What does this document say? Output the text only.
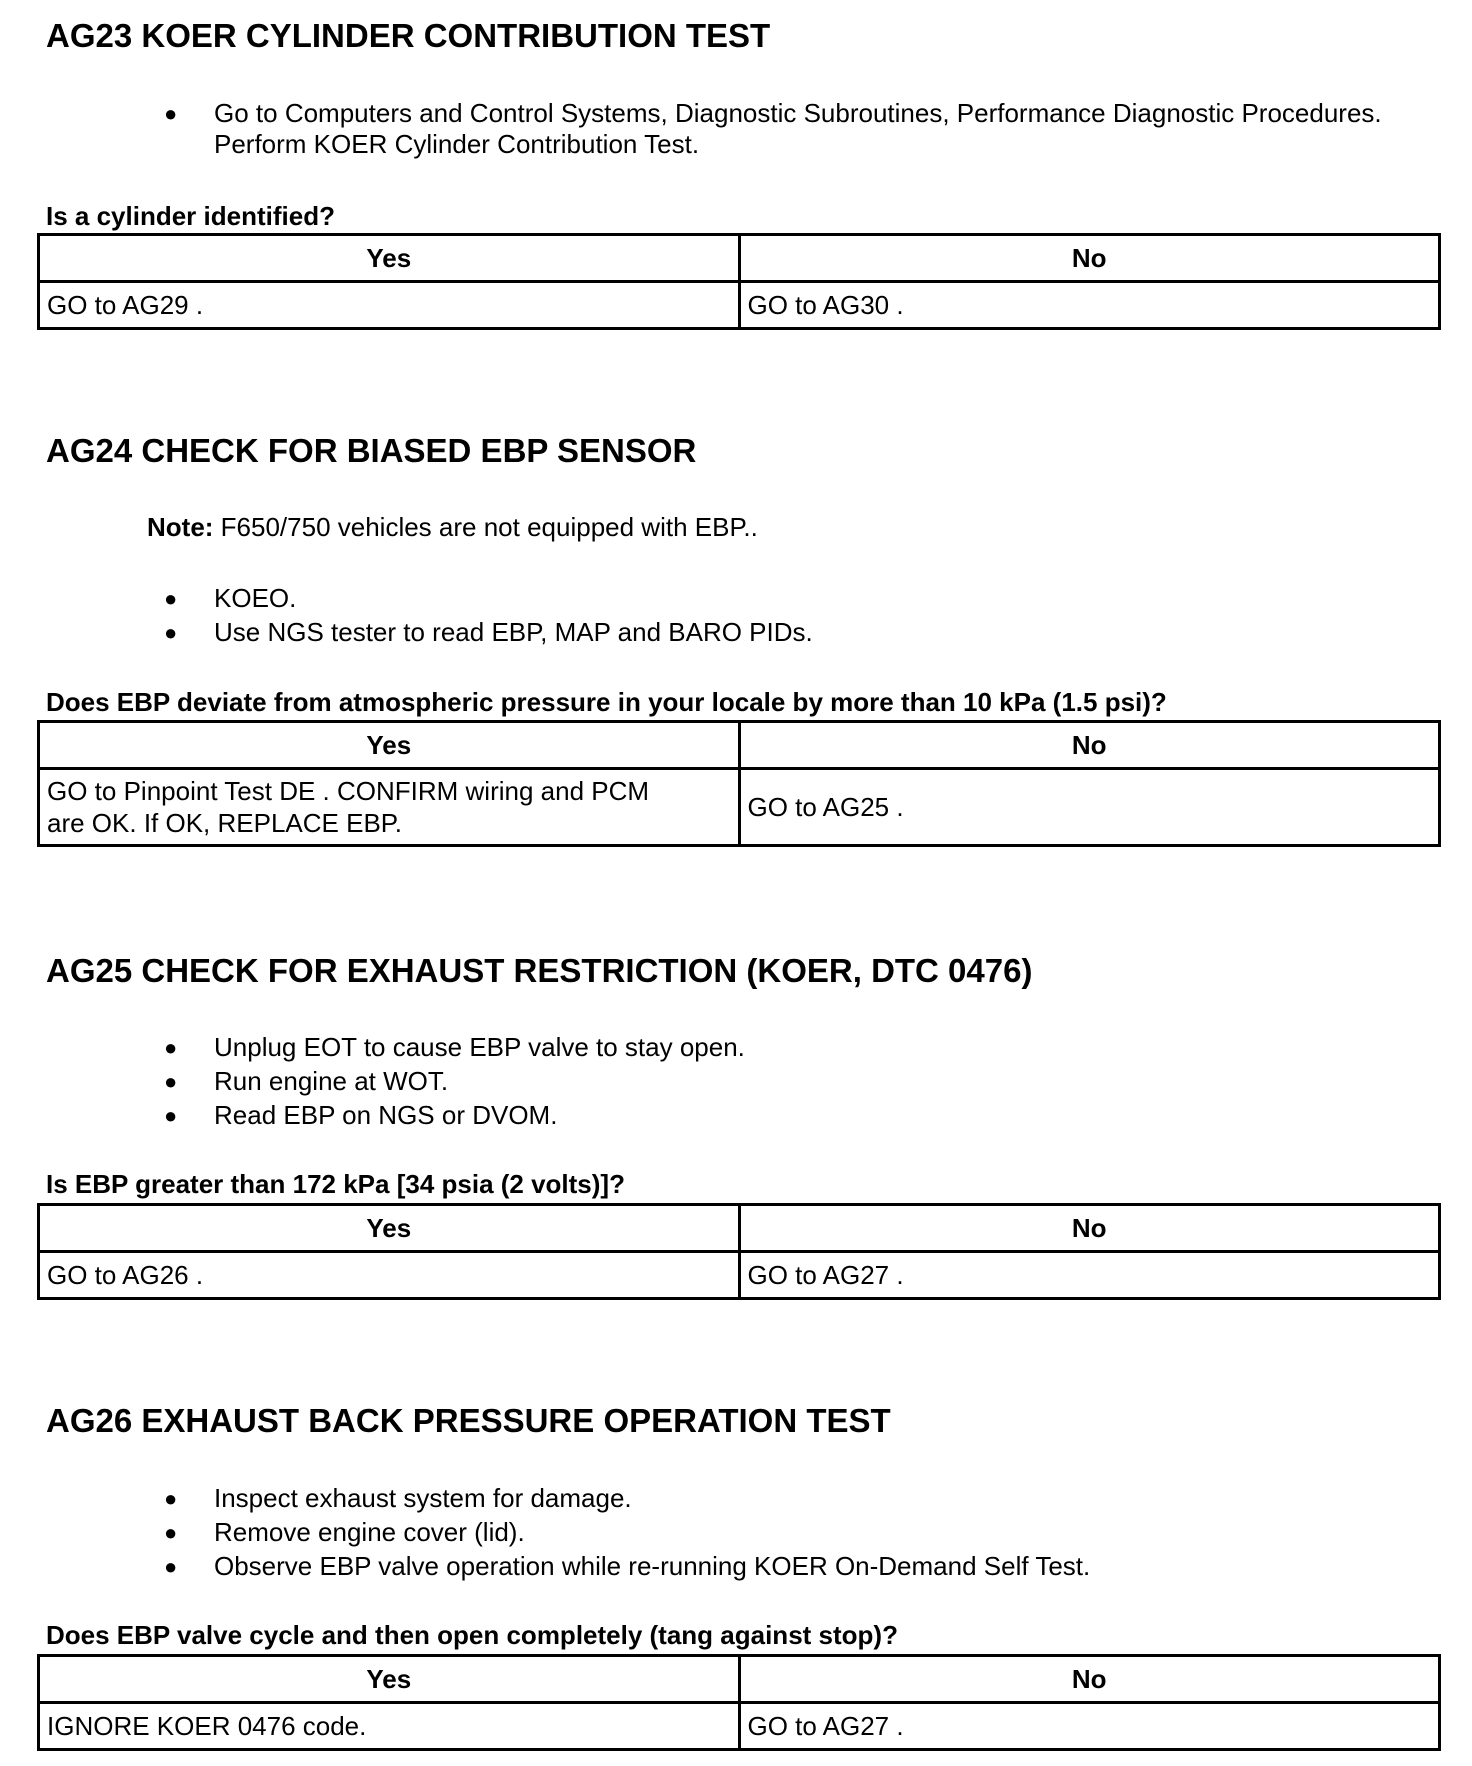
AG23 KOER CYLINDER CONTRIBUTION TEST
● Go to Computers and Control Systems, Diagnostic Subroutines, Performance Diagnostic Procedures.
Perform KOER Cylinder Contribution Test.
Is a cylinder identified?
Yes	No
GO to AG29 .	GO to AG30 .
AG24 CHECK FOR BIASED EBP SENSOR
Note: F650/750 vehicles are not equipped with EBP..
● KOEO.
● Use NGS tester to read EBP, MAP and BARO PIDs.
Does EBP deviate from atmospheric pressure in your locale by more than 10 kPa (1.5 psi)?
Yes	No

GO to Pinpoint Test DE . CONFIRM wiring and PCM
are OK. If OK, REPLACE EBP.	GO to AG25 .
AG25 CHECK FOR EXHAUST RESTRICTION (KOER, DTC 0476)
● Unplug EOT to cause EBP valve to stay open.
● Run engine at WOT.
● Read EBP on NGS or DVOM.
Is EBP greater than 172 kPa [34 psia (2 volts)]?
Yes	No
GO to AG26 .	GO to AG27 .
AG26 EXHAUST BACK PRESSURE OPERATION TEST
● Inspect exhaust system for damage.
● Remove engine cover (lid).
● Observe EBP valve operation while re-running KOER On-Demand Self Test.
Does EBP valve cycle and then open completely (tang against stop)?
Yes	No
IGNORE KOER 0476 code.	GO to AG27 .
